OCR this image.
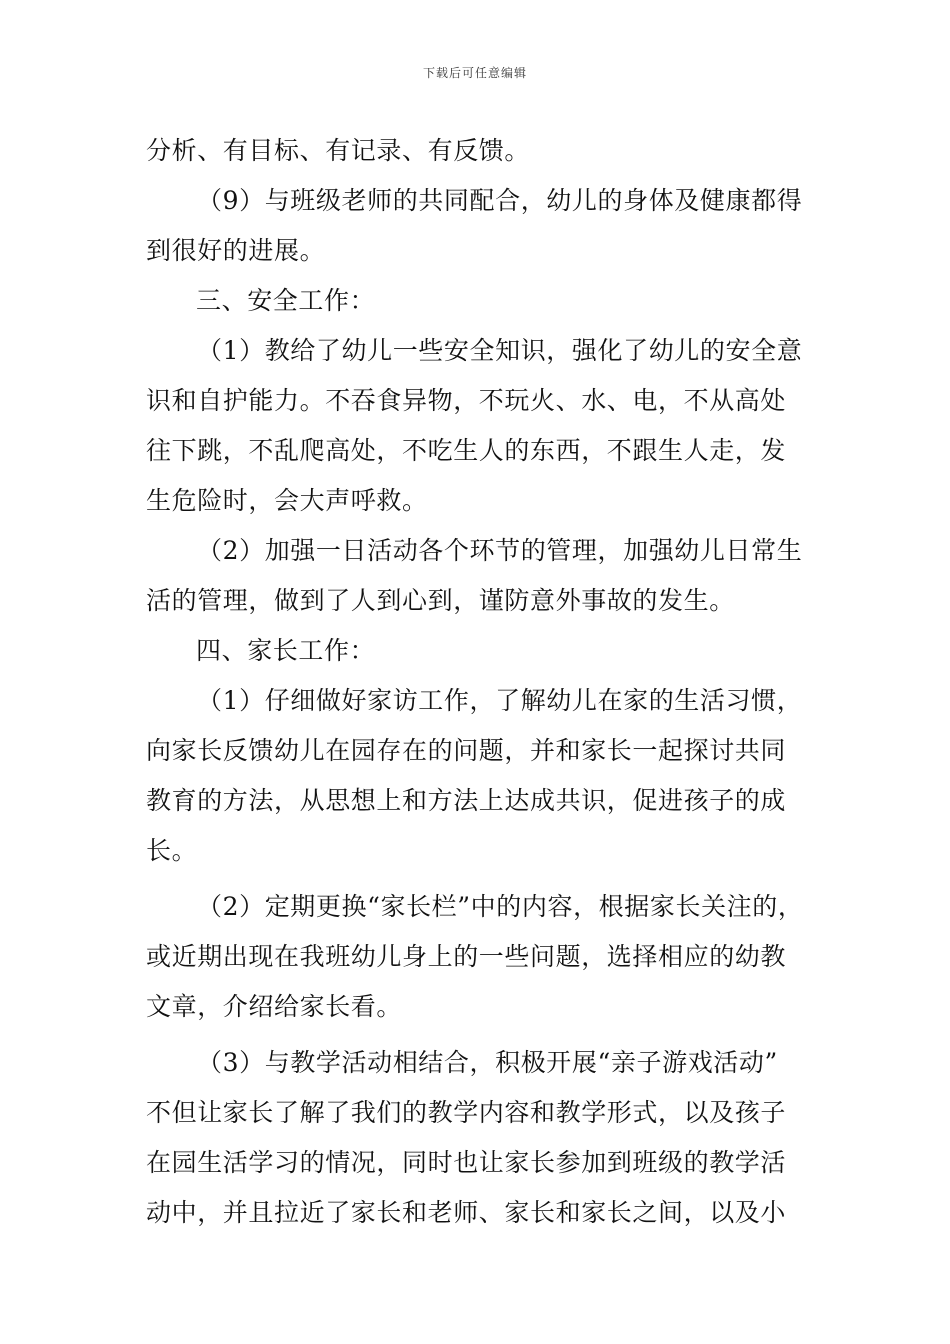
下载后可任意编辑
分析、有目标、有记录、有反馈。
（9）与班级老师的共同配合，幼儿的身体及健康都得
到很好的进展。
三、安全工作：
（1）教给了幼儿一些安全知识，强化了幼儿的安全意
识和自护能力。不吞食异物，不玩火、水、电，不从高处
往下跳，不乱爬高处，不吃生人的东西，不跟生人走，发
生危险时，会大声呼救。
（2）加强一日活动各个环节的管理，加强幼儿日常生
活的管理，做到了人到心到，谨防意外事故的发生。
四、家长工作：
（1）仔细做好家访工作，了解幼儿在家的生活习惯，
向家长反馈幼儿在园存在的问题，并和家长一起探讨共同
教育的方法，从思想上和方法上达成共识，促进孩子的成
长。
（2）定期更换“家长栏”中的内容，根据家长关注的，
或近期出现在我班幼儿身上的一些问题，选择相应的幼教
文章，介绍给家长看。
（3）与教学活动相结合，积极开展“亲子游戏活动”
不但让家长了解了我们的教学内容和教学形式，以及孩子
在园生活学习的情况，同时也让家长参加到班级的教学活
动中，并且拉近了家长和老师、家长和家长之间，以及小
